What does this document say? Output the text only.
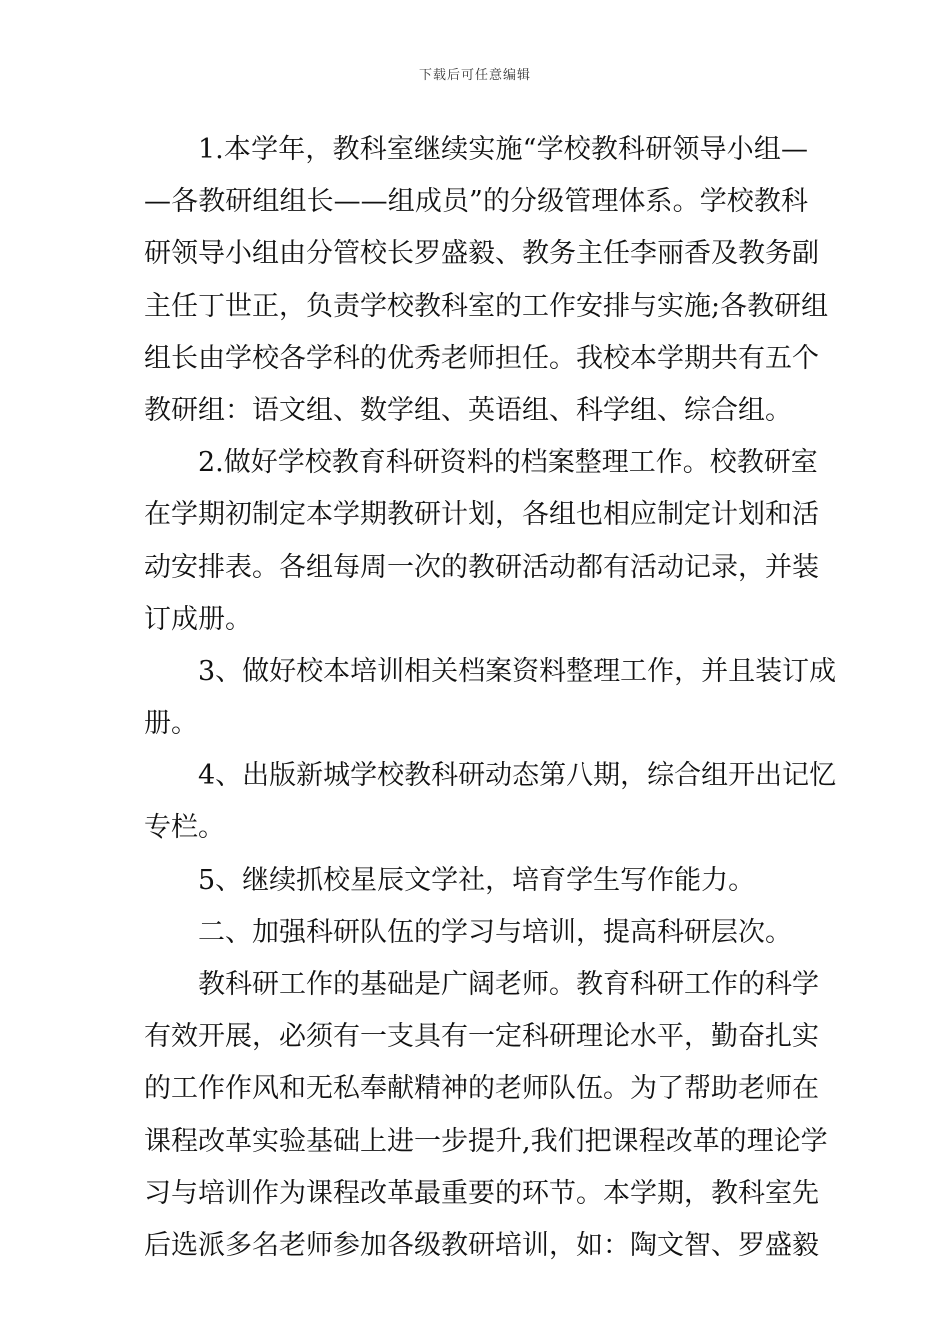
下载后可任意编辑
1.本学年，教科室继续实施“学校教科研领导小组—
—各教研组组长——组成员”的分级管理体系。学校教科
研领导小组由分管校长罗盛毅、教务主任李丽香及教务副
主任丁世正，负责学校教科室的工作安排与实施;各教研组
组长由学校各学科的优秀老师担任。我校本学期共有五个
教研组：语文组、数学组、英语组、科学组、综合组。
2.做好学校教育科研资料的档案整理工作。校教研室
在学期初制定本学期教研计划，各组也相应制定计划和活
动安排表。各组每周一次的教研活动都有活动记录，并装
订成册。
3、做好校本培训相关档案资料整理工作，并且装订成
册。
4、出版新城学校教科研动态第八期，综合组开出记忆
专栏。
5、继续抓校星辰文学社，培育学生写作能力。
二、加强科研队伍的学习与培训，提高科研层次。
教科研工作的基础是广阔老师。教育科研工作的科学
有效开展，必须有一支具有一定科研理论水平，勤奋扎实
的工作作风和无私奉献精神的老师队伍。为了帮助老师在
课程改革实验基础上进一步提升,我们把课程改革的理论学
习与培训作为课程改革最重要的环节。本学期，教科室先
后选派多名老师参加各级教研培训，如：陶文智、罗盛毅
